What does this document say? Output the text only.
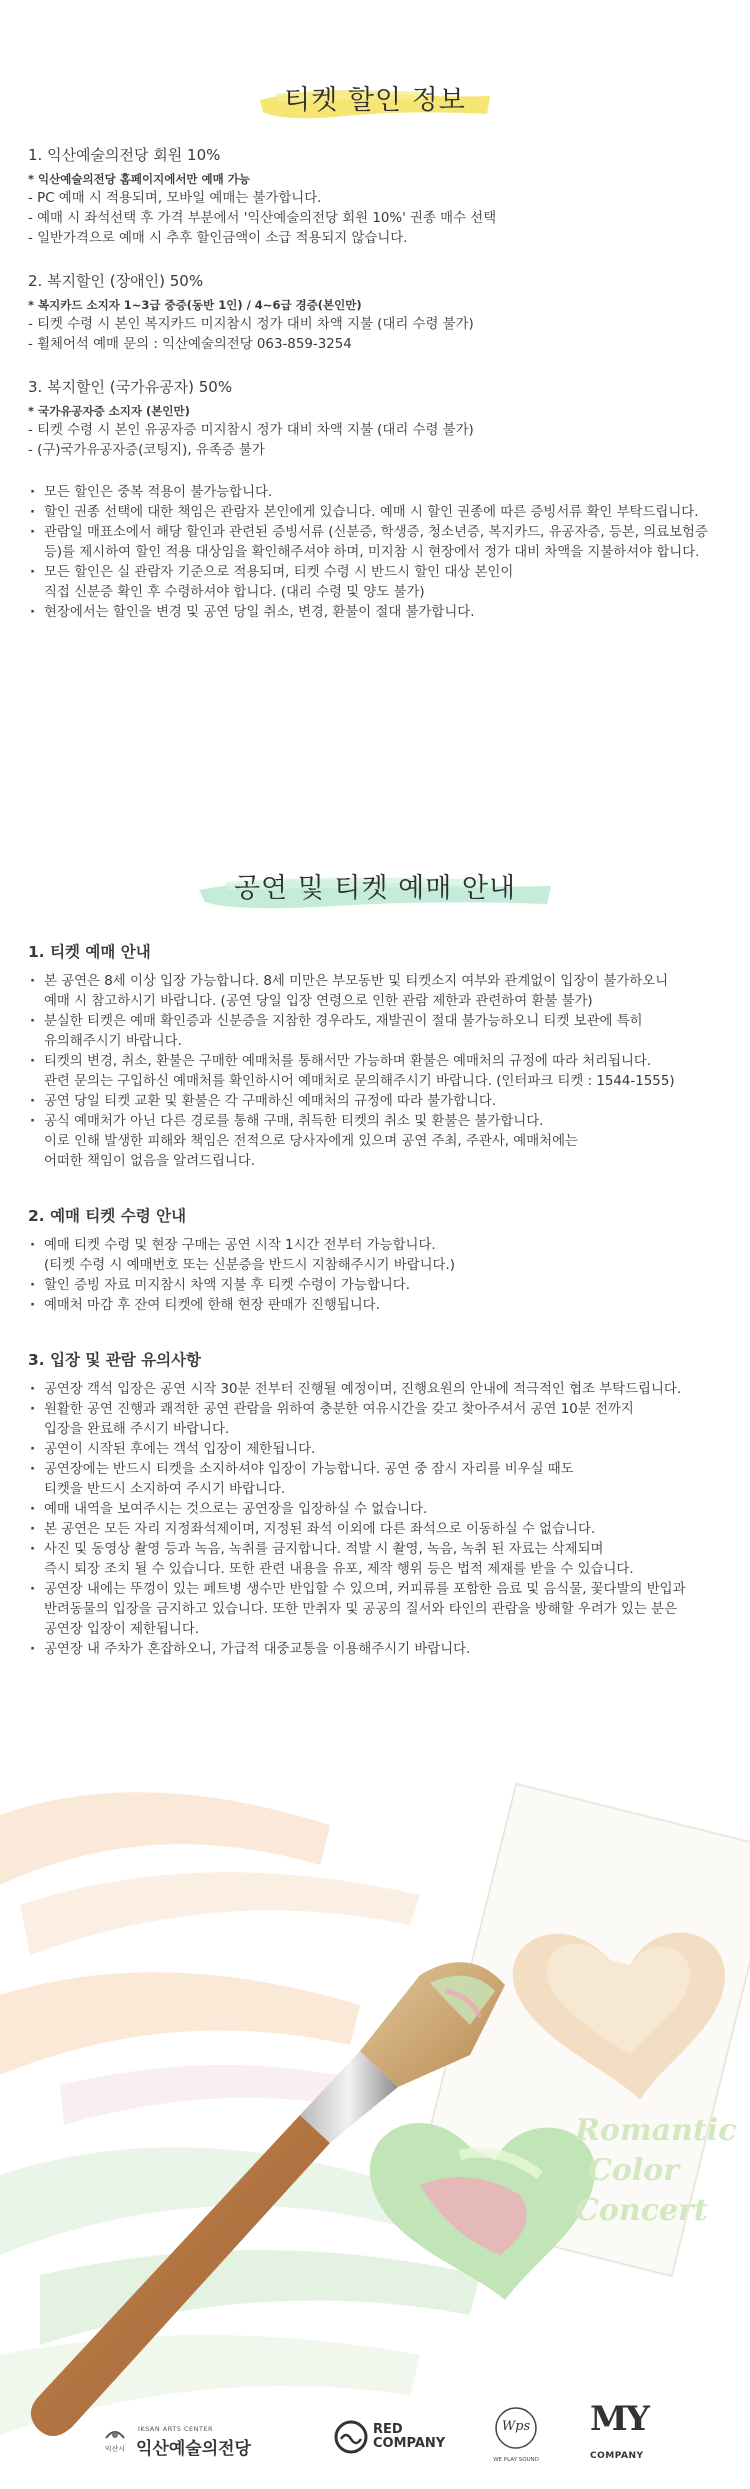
티켓 할인 정보

1. 익산예술의전당 회원 10%

* 익산예술의전당 홈페이지에서만 예매 가능

- PC 예매 시 적용되며, 모바일 예매는 불가합니다.

- 예매 시 좌석선택 후 가격 부분에서 '익산예술의전당 회원 10%' 권종 매수 선택

- 일반가격으로 예매 시 추후 할인금액이 소급 적용되지 않습니다.

2. 복지할인 (장애인) 50%

* 복지카드 소지자 1~3급 중증(동반 1인) / 4~6급 경증(본인만)

- 티켓 수령 시 본인 복지카드 미지참시 정가 대비 차액 지불 (대리 수령 불가)

- 휠체어석 예매 문의 : 익산예술의전당 063-859-3254

3. 복지할인 (국가유공자) 50%

* 국가유공자증 소지자 (본인만)

- 티켓 수령 시 본인 유공자증 미지참시 정가 대비 차액 지불 (대리 수령 불가)

- (구)국가유공자증(코팅지), 유족증 불가

· 모든 할인은 중복 적용이 불가능합니다.

· 할인 권종 선택에 대한 책임은 관람자 본인에게 있습니다. 예매 시 할인 권종에 따른 증빙서류 확인 부탁드립니다.

· 관람일 매표소에서 해당 할인과 관련된 증빙서류 (신분증, 학생증, 청소년증, 복지카드, 유공자증, 등본, 의료보험증

등)를 제시하여 할인 적용 대상임을 확인해주셔야 하며, 미지참 시 현장에서 정가 대비 차액을 지불하셔야 합니다.

· 모든 할인은 실 관람자 기준으로 적용되며, 티켓 수령 시 반드시 할인 대상 본인이

직접 신분증 확인 후 수령하셔야 합니다. (대리 수령 및 양도 불가)

· 현장에서는 할인을 변경 및 공연 당일 취소, 변경, 환불이 절대 불가합니다.

공연 및 티켓 예매 안내

1. 티켓 예매 안내

· 본 공연은 8세 이상 입장 가능합니다. 8세 미만은 부모동반 및 티켓소지 여부와 관계없이 입장이 불가하오니

예매 시 참고하시기 바랍니다. (공연 당일 입장 연령으로 인한 관람 제한과 관련하여 환불 불가)

· 분실한 티켓은 예매 확인증과 신분증을 지참한 경우라도, 재발권이 절대 불가능하오니 티켓 보관에 특히

유의해주시기 바랍니다.

· 티켓의 변경, 취소, 환불은 구매한 예매처를 통해서만 가능하며 환불은 예매처의 규정에 따라 처리됩니다.

관련 문의는 구입하신 예매처를 확인하시어 예매처로 문의해주시기 바랍니다. (인터파크 티켓 : 1544-1555)

· 공연 당일 티켓 교환 및 환불은 각 구매하신 예매처의 규정에 따라 불가합니다.

· 공식 예매처가 아닌 다른 경로를 통해 구매, 취득한 티켓의 취소 및 환불은 불가합니다.

이로 인해 발생한 피해와 책임은 전적으로 당사자에게 있으며 공연 주최, 주관사, 예매처에는

어떠한 책임이 없음을 알려드립니다.

2. 예매 티켓 수령 안내

· 예매 티켓 수령 및 현장 구매는 공연 시작 1시간 전부터 가능합니다.

(티켓 수령 시 예매번호 또는 신분증을 반드시 지참해주시기 바랍니다.)

· 할인 증빙 자료 미지참시 차액 지불 후 티켓 수령이 가능합니다.

· 예매처 마감 후 잔여 티켓에 한해 현장 판매가 진행됩니다.

3. 입장 및 관람 유의사항

· 공연장 객석 입장은 공연 시작 30분 전부터 진행될 예정이며, 진행요원의 안내에 적극적인 협조 부탁드립니다.

· 원활한 공연 진행과 쾌적한 공연 관람을 위하여 충분한 여유시간을 갖고 찾아주셔서 공연 10분 전까지

입장을 완료해 주시기 바랍니다.

· 공연이 시작된 후에는 객석 입장이 제한됩니다.

· 공연장에는 반드시 티켓을 소지하셔야 입장이 가능합니다. 공연 중 잠시 자리를 비우실 때도

티켓을 반드시 소지하여 주시기 바랍니다.

· 예매 내역을 보여주시는 것으로는 공연장을 입장하실 수 없습니다.

· 본 공연은 모든 자리 지정좌석제이며, 지정된 좌석 이외에 다른 좌석으로 이동하실 수 없습니다.

· 사진 및 동영상 촬영 등과 녹음, 녹취를 금지합니다. 적발 시 촬영, 녹음, 녹취 된 자료는 삭제되며

즉시 퇴장 조치 될 수 있습니다. 또한 관련 내용을 유포, 제작 행위 등은 법적 제재를 받을 수 있습니다.

· 공연장 내에는 뚜껑이 있는 페트병 생수만 반입할 수 있으며, 커피류를 포함한 음료 및 음식물, 꽃다발의 반입과

반려동물의 입장을 금지하고 있습니다. 또한 만취자 및 공공의 질서와 타인의 관람을 방해할 우려가 있는 분은

공연장 입장이 제한됩니다.

· 공연장 내 주차가 혼잡하오니, 가급적 대중교통을 이용해주시기 바랍니다.

Romantic
Color
Concert
익산시
IKSAN ARTS CENTER
익산예술의전당
RED
COMPANY
Wps
WE PLAY SOUND
MY
COMPANY
